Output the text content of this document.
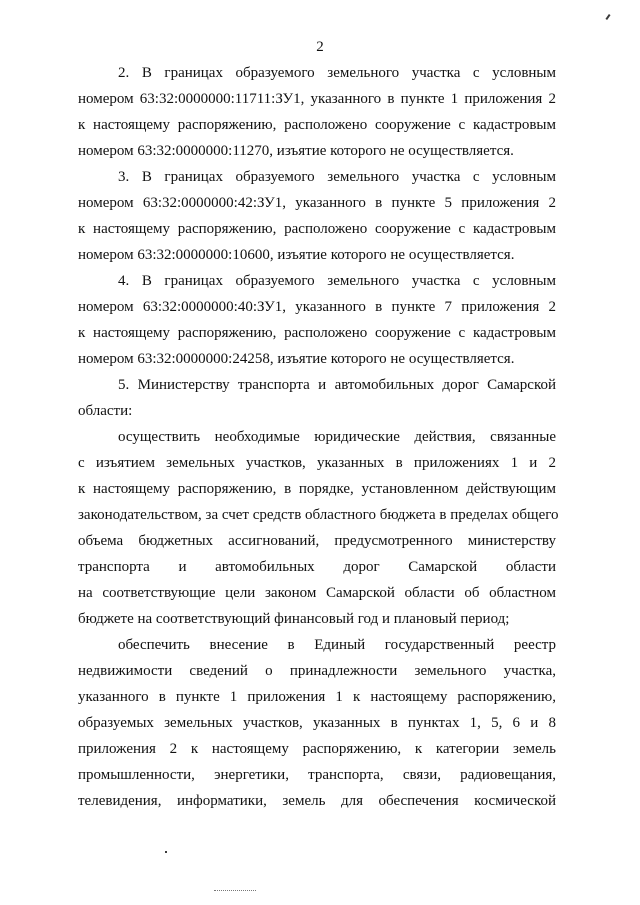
2

2. В границах образуемого земельного участка с условным
номером 63:32:0000000:11711:ЗУ1, указанного в пункте 1 приложения 2
к настоящему распоряжению, расположено сооружение с кадастровым
номером 63:32:0000000:11270, изъятие которого не осуществляется.

3. В границах образуемого земельного участка с условным
номером 63:32:0000000:42:ЗУ1, указанного в пункте 5 приложения 2
к настоящему распоряжению, расположено сооружение с кадастровым
номером 63:32:0000000:10600, изъятие которого не осуществляется.

4. В границах образуемого земельного участка с условным
номером 63:32:0000000:40:ЗУ1, указанного в пункте 7 приложения 2
к настоящему распоряжению, расположено сооружение с кадастровым
номером 63:32:0000000:24258, изъятие которого не осуществляется.

5. Министерству транспорта и автомобильных дорог Самарской
области:

осуществить необходимые юридические действия, связанные
с изъятием земельных участков, указанных в приложениях 1 и 2
к настоящему распоряжению, в порядке, установленном действующим
законодательством, за счет средств областного бюджета в пределах общего
объема бюджетных ассигнований, предусмотренного министерству
транспорта и автомобильных дорог Самарской области
на соответствующие цели законом Самарской области об областном
бюджете на соответствующий финансовый год и плановый период;

обеспечить внесение в Единый государственный реестр
недвижимости сведений о принадлежности земельного участка,
указанного в пункте 1 приложения 1 к настоящему распоряжению,
образуемых земельных участков, указанных в пунктах 1, 5, 6 и 8
приложения 2 к настоящему распоряжению, к категории земель
промышленности, энергетики, транспорта, связи, радиовещания,
телевидения, информатики, земель для обеспечения космической
